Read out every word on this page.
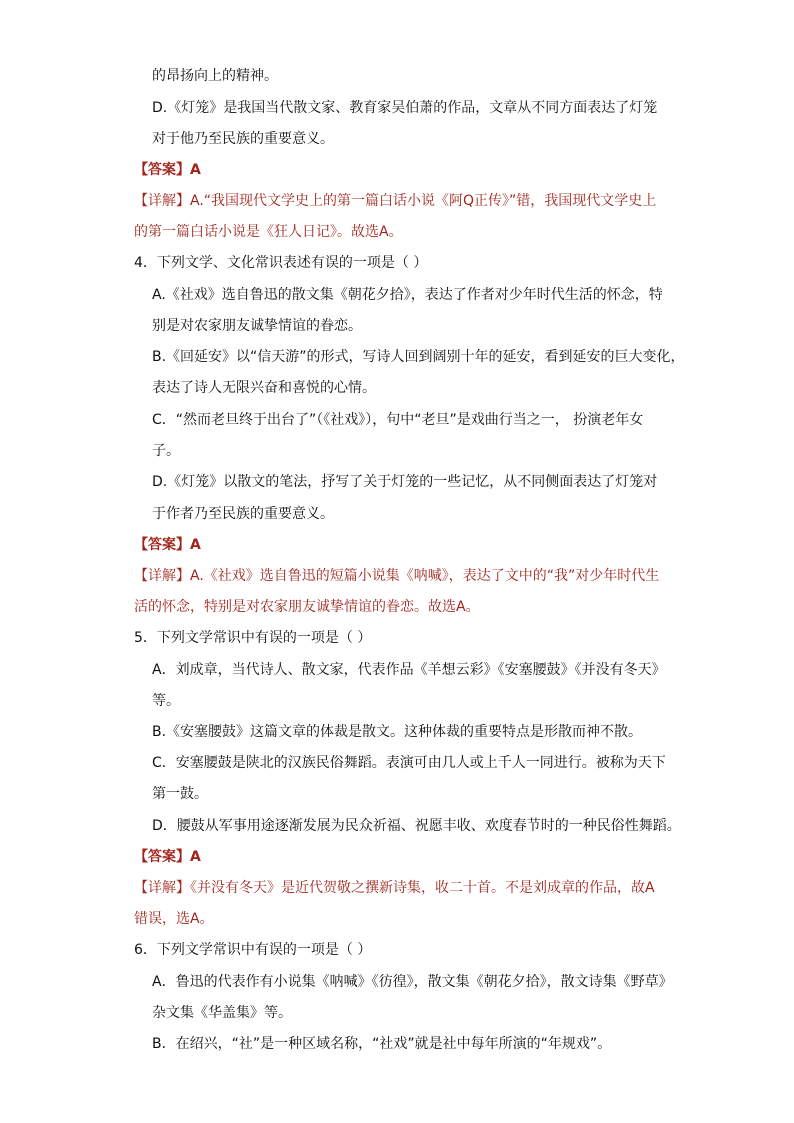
的昂扬向上的精神。
D.《灯笼》是我国当代散文家、教育家吴伯萧的作品，文章从不同方面表达了灯笼
对于他乃至民族的重要意义。
【答案】A
【详解】A.“我国现代文学史上的第一篇白话小说《阿Q正传》”错，我国现代文学史上
的第一篇白话小说是《狂人日记》。故选A。
4．下列文学、文化常识表述有误的一项是（ ）
A.《社戏》选自鲁迅的散文集《朝花夕拾》，表达了作者对少年时代生活的怀念，特
别是对农家朋友诚挚情谊的眷恋。
B.《回延安》以“信天游”的形式，写诗人回到阔别十年的延安，看到延安的巨大变化，
表达了诗人无限兴奋和喜悦的心情。
C．“然而老旦终于出台了”（《社戏》），句中“老旦”是戏曲行当之一， 扮演老年女
子。
D.《灯笼》以散文的笔法，抒写了关于灯笼的一些记忆，从不同侧面表达了灯笼对
于作者乃至民族的重要意义。
【答案】A
【详解】A.《社戏》选自鲁迅的短篇小说集《呐喊》，表达了文中的“我”对少年时代生
活的怀念，特别是对农家朋友诚挚情谊的眷恋。故选A。
5．下列文学常识中有误的一项是（ ）
A．刘成章，当代诗人、散文家，代表作品《羊想云彩》《安塞腰鼓》《并没有冬天》
等。
B.《安塞腰鼓》这篇文章的体裁是散文。这种体裁的重要特点是形散而神不散。
C．安塞腰鼓是陕北的汉族民俗舞蹈。表演可由几人或上千人一同进行。被称为天下
第一鼓。
D．腰鼓从军事用途逐渐发展为民众祈福、祝愿丰收、欢度春节时的一种民俗性舞蹈。
【答案】A
【详解】《并没有冬天》是近代贺敬之撰新诗集，收二十首。不是刘成章的作品，故A
错误，选A。
6．下列文学常识中有误的一项是（ ）
A．鲁迅的代表作有小说集《呐喊》《彷徨》，散文集《朝花夕拾》，散文诗集《野草》
杂文集《华盖集》等。
B．在绍兴，“社”是一种区域名称，“社戏”就是社中每年所演的“年规戏”。
